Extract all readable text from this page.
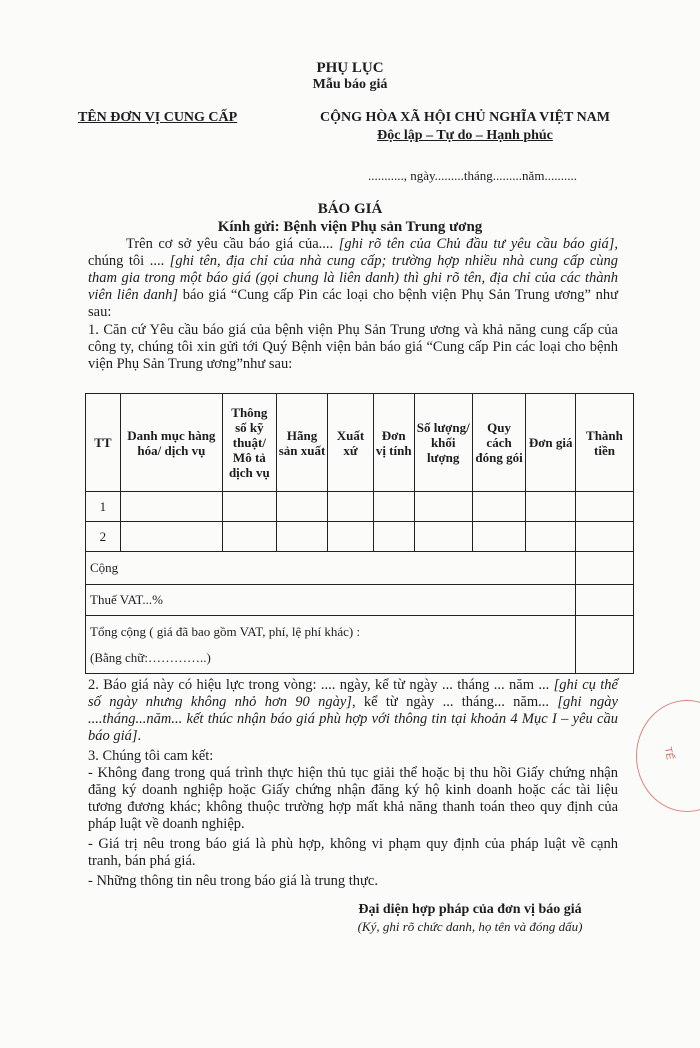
PHỤ LỤC
Mẫu báo giá
TÊN ĐƠN VỊ CUNG CẤP	CỘNG HÒA XÃ HỘI CHỦ NGHĨA VIỆT NAM
Độc lập – Tự do – Hạnh phúc
..........., ngày.........tháng.........năm..........
BÁO GIÁ
Kính gửi: Bệnh viện Phụ sản Trung ương
Trên cơ sở yêu cầu báo giá của.... [ghi rõ tên của Chủ đầu tư yêu cầu báo giá], chúng tôi .... [ghi tên, địa chỉ của nhà cung cấp; trường hợp nhiều nhà cung cấp cùng tham gia trong một báo giá (gọi chung là liên danh) thì ghi rõ tên, địa chỉ của các thành viên liên danh] báo giá “Cung cấp Pin các loại cho bệnh viện Phụ Sản Trung ương” như sau:
1. Căn cứ Yêu cầu báo giá của bệnh viện Phụ Sản Trung ương và khả năng cung cấp của công ty, chúng tôi xin gửi tới Quý Bệnh viện bản báo giá “Cung cấp Pin các loại cho bệnh viện Phụ Sản Trung ương”như sau:
TT	Danh mục hàng hóa/ dịch vụ	Thông số kỹ thuật/ Mô tả dịch vụ	Hãng sản xuất	Xuất xứ	Đơn vị tính	Số lượng/ khối lượng	Quy cách đóng gói	Đơn giá	Thành tiền
1									
2									
Cộng									
Thuế VAT...%									

Tổng cộng ( giá đã bao gồm VAT, phí, lệ phí khác) :
(Bằng chữ:…………..)									

2. Báo giá này có hiệu lực trong vòng: .... ngày, kể từ ngày ... tháng ... năm ... [ghi cụ thể số ngày nhưng không nhỏ hơn 90 ngày], kể từ ngày ... tháng... năm... [ghi ngày ....tháng...năm... kết thúc nhận báo giá phù hợp với thông tin tại khoản 4 Mục I – yêu cầu báo giá].
3. Chúng tôi cam kết:
- Không đang trong quá trình thực hiện thủ tục giải thể hoặc bị thu hồi Giấy chứng nhận đăng ký doanh nghiệp hoặc Giấy chứng nhận đăng ký hộ kinh doanh hoặc các tài liệu tương đương khác; không thuộc trường hợp mất khả năng thanh toán theo quy định của pháp luật về doanh nghiệp.
- Giá trị nêu trong báo giá là phù hợp, không vi phạm quy định của pháp luật về cạnh tranh, bán phá giá.
- Những thông tin nêu trong báo giá là trung thực.
Đại diện hợp pháp của đơn vị báo giá
(Ký, ghi rõ chức danh, họ tên và đóng dấu)
TẾ
